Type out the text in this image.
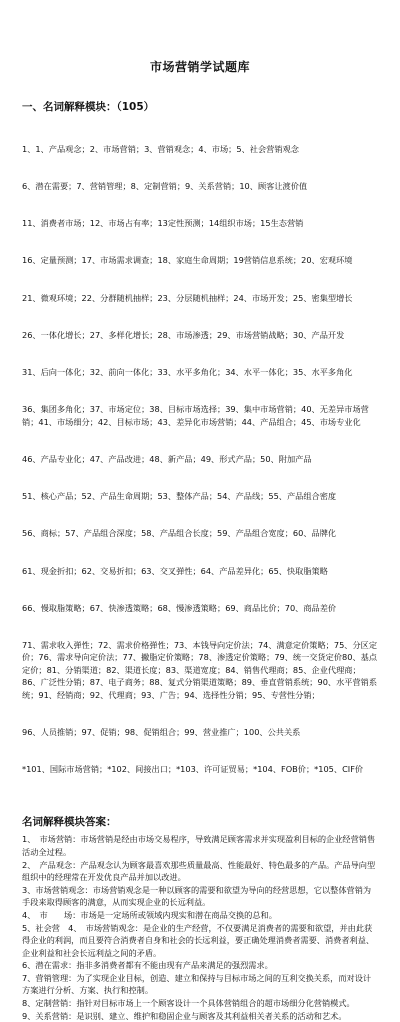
市场营销学试题库
一、名词解释模块：（105）

1、1、产品观念；2、市场营销；3、营销观念；4、市场；5、社会营销观念

6、潜在需要；7、营销管理；8、定制营销；9、关系营销；10、顾客让渡价值

11、消费者市场；12、市场占有率；13定性预测；14组织市场；15生态营销

16、定量预测；17、市场需求调查；18、家庭生命周期；19营销信息系统；20、宏观环境

21、微观环境；22、分群随机抽样；23、分层随机抽样；24、市场开发；25、密集型增长

26、一体化增长；27、多样化增长；28、市场渗透；29、市场营销战略；30、产品开发

31、后向一体化；32、前向一体化；33、水平多角化；34、水平一体化；35、水平多角化

36、集团多角化；37、市场定位；38、目标市场选择；39、集中市场营销；40、无差异市场营销；41、市场细分；42、目标市场；43、差异化市场营销；44、产品组合；45、市场专业化

46、产品专业化；47、产品改进；48、新产品；49、形式产品；50、附加产品

51、核心产品；52、产品生命周期；53、整体产品；54、产品线；55、产品组合密度

56、商标；57、产品组合深度；58、产品组合长度；59、产品组合宽度；60、品牌化

61、现金折扣；62、交易折扣；63、交叉弹性；64、产品差异化；65、快取脂策略

66、慢取脂策略；67、快渗透策略；68、慢渗透策略；69、商品比价；70、商品差价

71、需求收入弹性；72、需求价格弹性；73、本钱导向定价法；74、满意定价策略；75、分区定价；76、需求导向定价法；77、撇脂定价策略；78、渗透定价策略；79、统一交货定价80、基点定价；81、分销渠道；82、渠道长度；83、渠道宽度；84、销售代理商；85、企业代理商；86、广泛性分销；87、电子商务；88、复式分销渠道策略；89、垂直营销系统；90、水平营销系统；91、经销商；92、代理商；93、广告；94、选择性分销；95、专营性分销；

96、人员推销；97、促销；98、促销组合；99、营业推广；100、公共关系

*101、国际市场营销；*102、间接出口；*103、许可证贸易；*104、FOB价；*105、CIF价

名词解释模块答案：
1、　市场营销：市场营销是经由市场交易程序，导致满足顾客需求并实现盈利目标的企业经营销售　　活动全过程。
2、　产品观念：产品观念认为顾客最喜欢那些质量最高、性能最好、特色最多的产品。产品导向型组织中的经理常在开发优良产品并加以改进。
3、市场营销观念：市场营销观念是一种以顾客的需要和欲望为导向的经营思想，它以整体营销为手段来取得顾客的满意，从而实现企业的长远利益。
4、　市　　场：市场是一定场所或领域内现实和潜在商品交换的总和。
5、社会营　4、　市场营销观念：是企业的生产经营，不仅要满足消费者的需要和欲望，并由此获得企业的利润，而且要符合消费者自身和社会的长远利益，要正确处理消费者需要、消费者利益、企业利益和社会长远利益之间的矛盾。
6、潜在需求：指非多消费者都有不能由现有产品来满足的强烈需求。
7、营销管理：为了实现企业目标，创造、建立和保持与目标市场之间的互利交换关系，而对设计方案进行分析、方案、执行和控制。
8、定制营销：指针对目标市场上一个顾客设计一个具体营销组合的超市场细分化营销模式。
9、关系营销：是识别、建立、维护和稳固企业与顾客及其利益相关者关系的活动和艺术。
